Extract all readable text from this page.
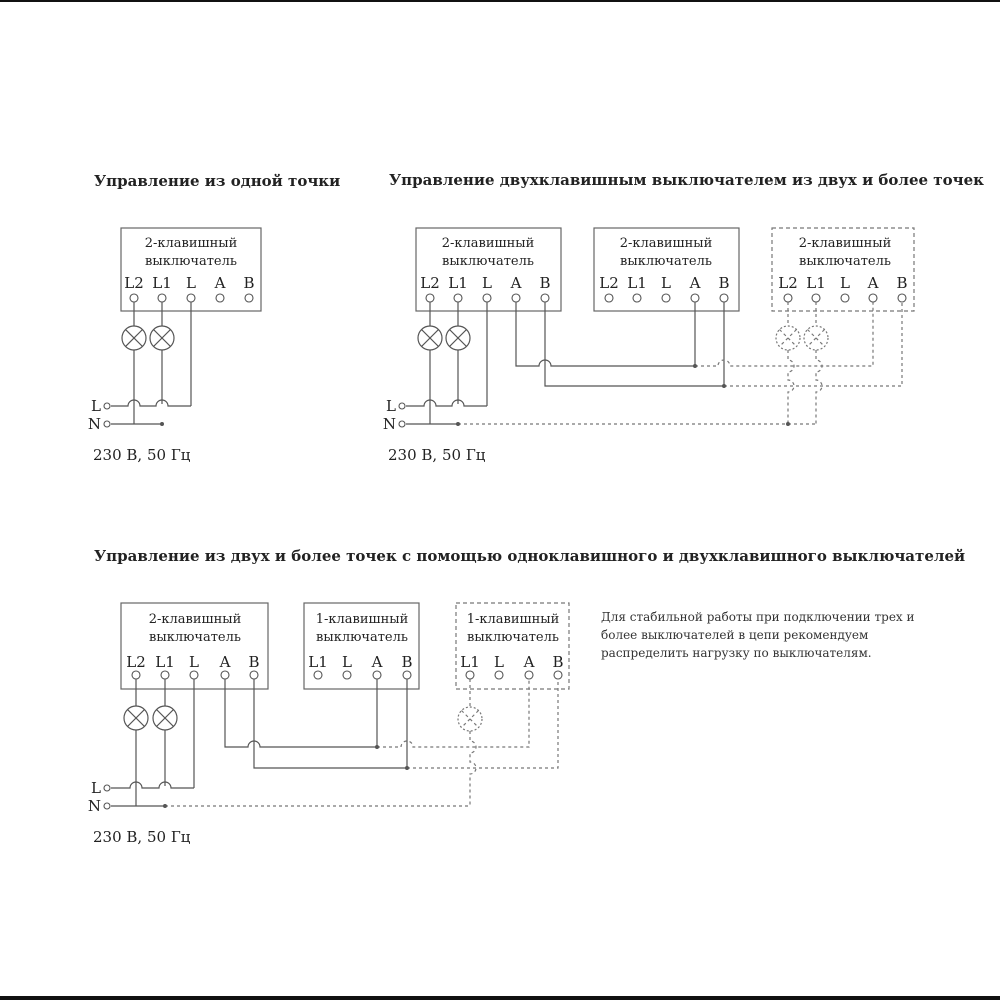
Управление из одной точки	Управление двухклавишным выключателем из двух и более точек
Управление из двух и более точек с помощью одноклавишного и двухклавишного выключателей
230 В, 50 Гц	230 В, 50 Гц
230 В, 50 Гц
Для стабильной работы при подключении трех и более выключателей в цепи рекомендуем распределить нагрузку по выключателям.
2-клавишный
выключатель
L2 L1 L A B
L
N
2-клавишный
выключатель
L2 L1 L A B
2-клавишный
выключатель
L2 L1 L A B
2-клавишный
выключатель
L2 L1 L A B
L
N
2-клавишный
выключатель
L2 L1 L A B
1-клавишный
выключатель
L1 L A B
1-клавишный
выключатель
L1 L A B
L
N
